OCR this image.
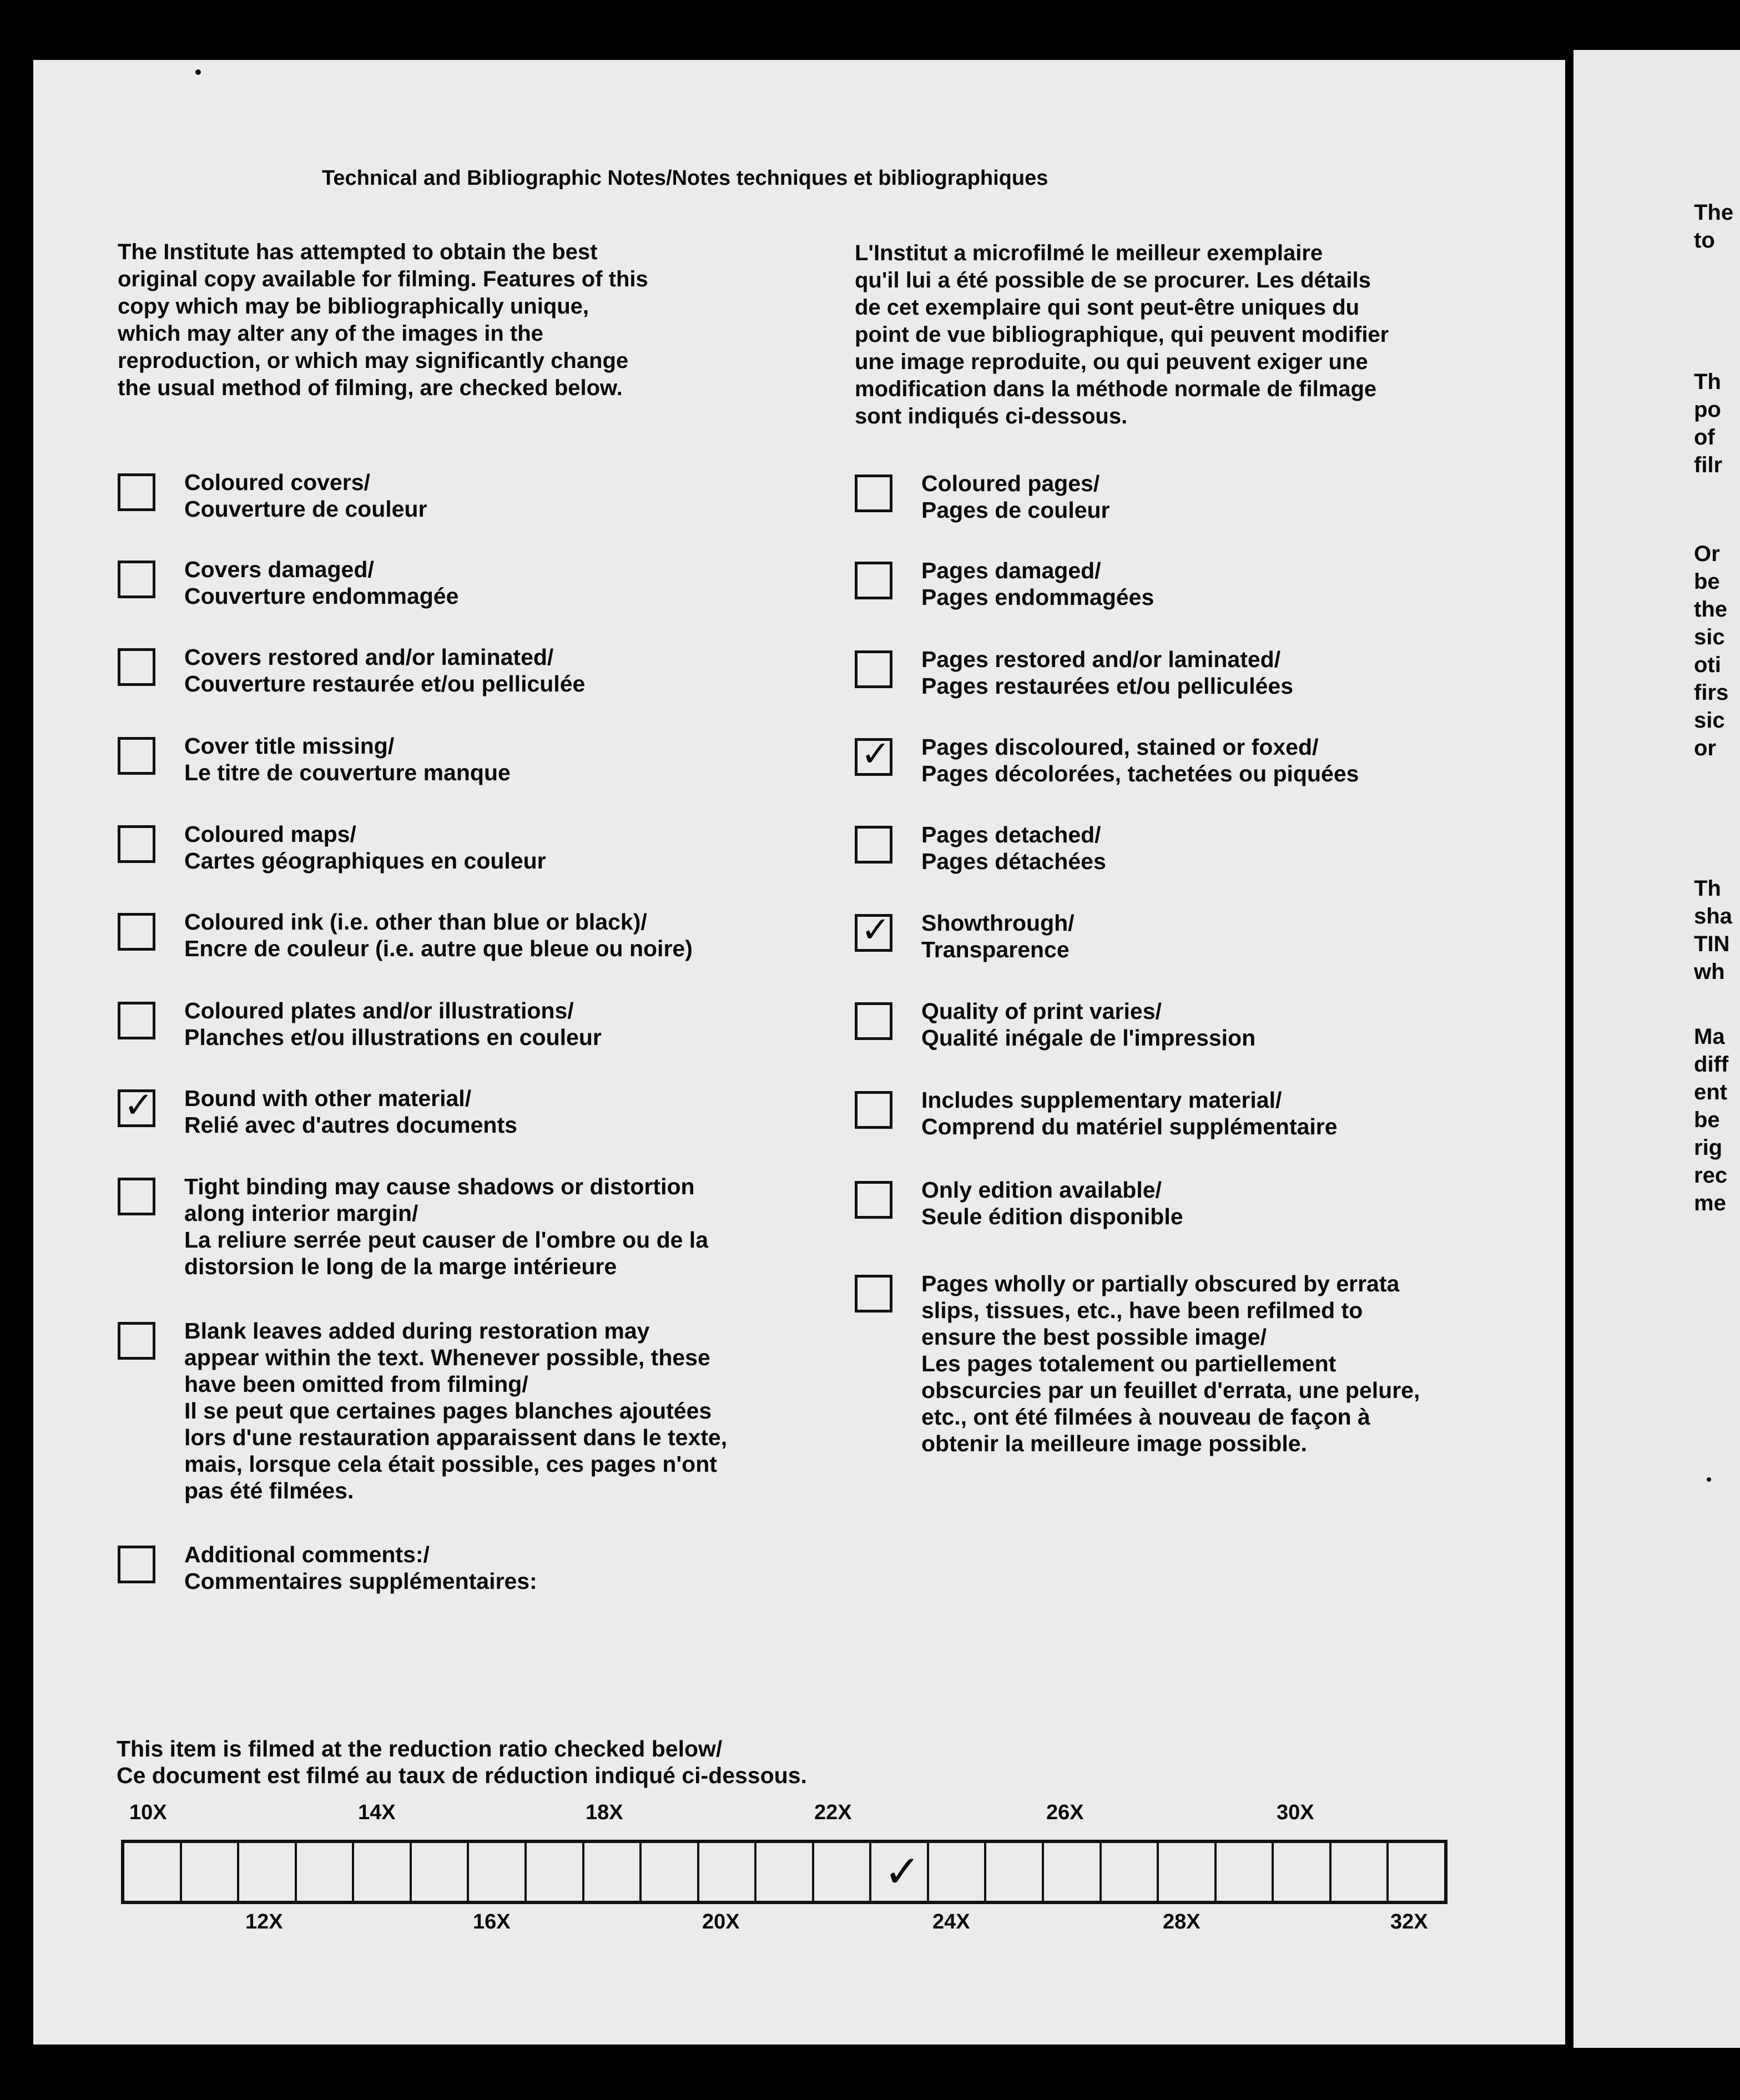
Technical and Bibliographic Notes/Notes techniques et bibliographiques
The Institute has attempted to obtain the best
original copy available for filming. Features of this
copy which may be bibliographically unique,
which may alter any of the images in the
reproduction, or which may significantly change
the usual method of filming, are checked below.
L'Institut a microfilmé le meilleur exemplaire
qu'il lui a été possible de se procurer. Les détails
de cet exemplaire qui sont peut-être uniques du
point de vue bibliographique, qui peuvent modifier
une image reproduite, ou qui peuvent exiger une
modification dans la méthode normale de filmage
sont indiqués ci-dessous.
Coloured covers/
Couverture de couleur
Covers damaged/
Couverture endommagée
Covers restored and/or laminated/
Couverture restaurée et/ou pelliculée
Cover title missing/
Le titre de couverture manque
Coloured maps/
Cartes géographiques en couleur
Coloured ink (i.e. other than blue or black)/
Encre de couleur (i.e. autre que bleue ou noire)
Coloured plates and/or illustrations/
Planches et/ou illustrations en couleur
✓ Bound with other material/
Relié avec d'autres documents
Tight binding may cause shadows or distortion
along interior margin/
La reliure serrée peut causer de l'ombre ou de la
distorsion le long de la marge intérieure
Blank leaves added during restoration may
appear within the text. Whenever possible, these
have been omitted from filming/
Il se peut que certaines pages blanches ajoutées
lors d'une restauration apparaissent dans le texte,
mais, lorsque cela était possible, ces pages n'ont
pas été filmées.
Additional comments:/
Commentaires supplémentaires:
Coloured pages/
Pages de couleur
Pages damaged/
Pages endommagées
Pages restored and/or laminated/
Pages restaurées et/ou pelliculées
✓ Pages discoloured, stained or foxed/
Pages décolorées, tachetées ou piquées
Pages detached/
Pages détachées
✓ Showthrough/
Transparence
Quality of print varies/
Qualité inégale de l'impression
Includes supplementary material/
Comprend du matériel supplémentaire
Only edition available/
Seule édition disponible
Pages wholly or partially obscured by errata
slips, tissues, etc., have been refilmed to
ensure the best possible image/
Les pages totalement ou partiellement
obscurcies par un feuillet d'errata, une pelure,
etc., ont été filmées à nouveau de façon à
obtenir la meilleure image possible.
This item is filmed at the reduction ratio checked below/
Ce document est filmé au taux de réduction indiqué ci-dessous.
10X	14X	18X	22X	26X	30X
12X	16X	20X	24X	28X	32X
✓
The
to
Th
po
of
filr
Or
be
the
sic
oti
firs
sic
or
Th
sha
TIN
wh
Ma
diff
ent
be
rig
rec
me
